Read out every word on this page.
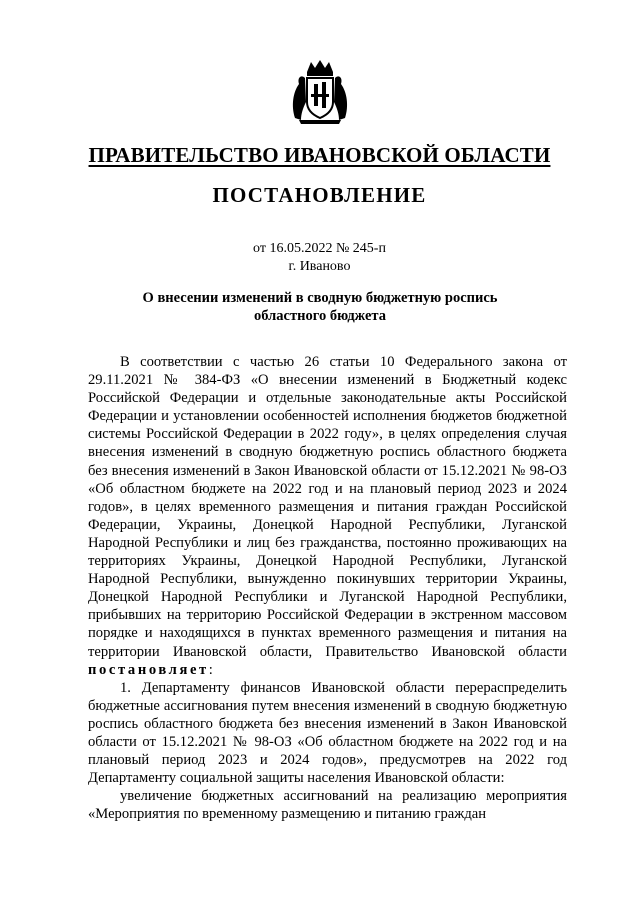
ПРАВИТЕЛЬСТВО ИВАНОВСКОЙ ОБЛАСТИ
ПОСТАНОВЛЕНИЕ
от 16.05.2022 № 245-п
г. Иваново
О внесении изменений в сводную бюджетную роспись
областного бюджета

В соответствии с частью 26 статьи 10 Федерального закона от 29.11.2021 № 384-ФЗ «О внесении изменений в Бюджетный кодекс Российской Федерации и отдельные законодательные акты Российской Федерации и установлении особенностей исполнения бюджетов бюджетной системы Российской Федерации в 2022 году», в целях определения случая внесения изменений в сводную бюджетную роспись областного бюджета без внесения изменений в Закон Ивановской области от 15.12.2021 № 98-ОЗ «Об областном бюджете на 2022 год и на плановый период 2023 и 2024 годов», в целях временного размещения и питания граждан Российской Федерации, Украины, Донецкой Народной Республики, Луганской Народной Республики и лиц без гражданства, постоянно проживающих на территориях Украины, Донецкой Народной Республики, Луганской Народной Республики, вынужденно покинувших территории Украины, Донецкой Народной Республики и Луганской Народной Республики, прибывших на территорию Российской Федерации в экстренном массовом порядке и находящихся в пунктах временного размещения и питания на территории Ивановской области, Правительство Ивановской области постановляет:

1. Департаменту финансов Ивановской области перераспределить бюджетные ассигнования путем внесения изменений в сводную бюджетную роспись областного бюджета без внесения изменений в Закон Ивановской области от 15.12.2021 № 98-ОЗ «Об областном бюджете на 2022 год и на плановый период 2023 и 2024 годов», предусмотрев на 2022 год Департаменту социальной защиты населения Ивановской области:

увеличение бюджетных ассигнований на реализацию мероприятия «Мероприятия по временному размещению и питанию граждан
